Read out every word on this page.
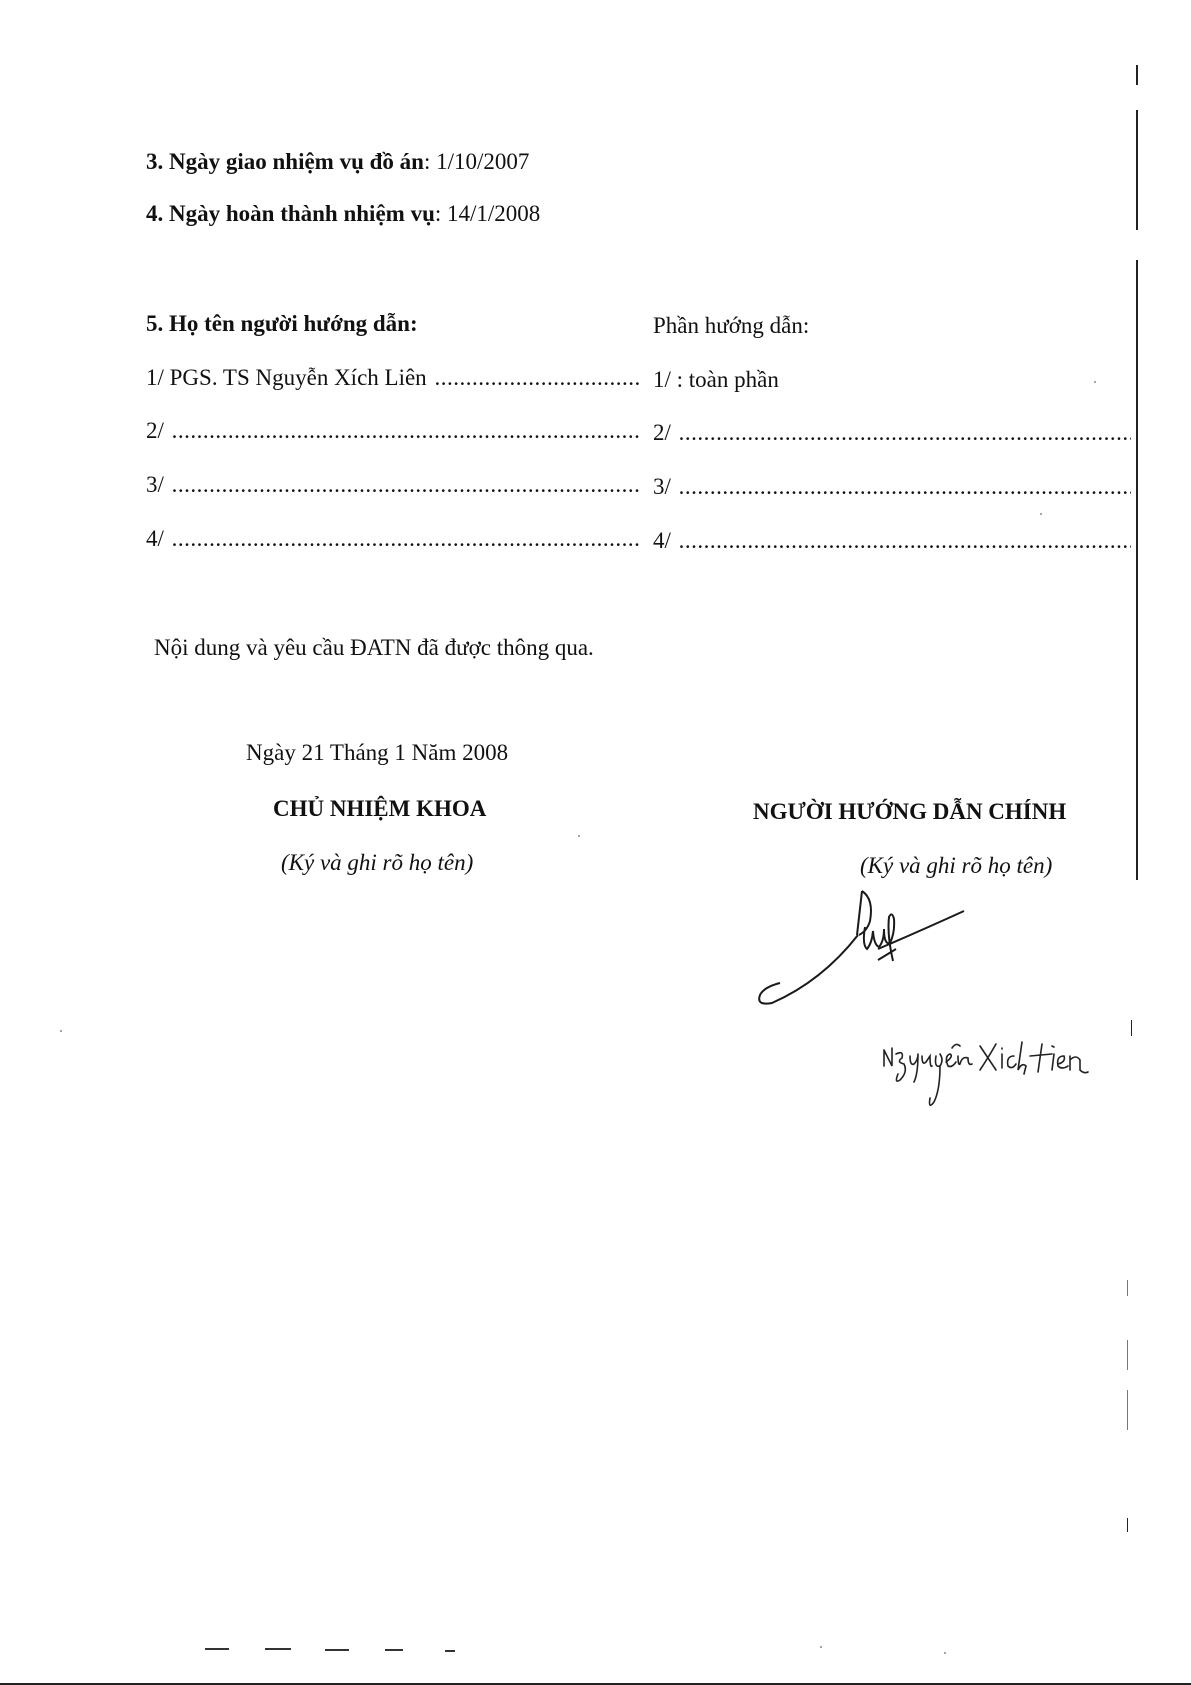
3. Ngày giao nhiệm vụ đồ án: 1/10/2007
4. Ngày hoàn thành nhiệm vụ: 14/1/2008
5. Họ tên người hướng dẫn:	Phần hướng dẫn:
1/ PGS. TS Nguyễn Xích Liên .....	1/ : toàn phần
2/ .....	2/ .....
3/ .....	3/ .....
4/ .....	4/ .....
Nội dung và yêu cầu ĐATN đã được thông qua.
Ngày 21 Tháng 1 Năm 2008
CHỦ NHIỆM KHOA
(Ký và ghi rõ họ tên)
NGƯỜI HƯỚNG DẪN CHÍNH
(Ký và ghi rõ họ tên)
